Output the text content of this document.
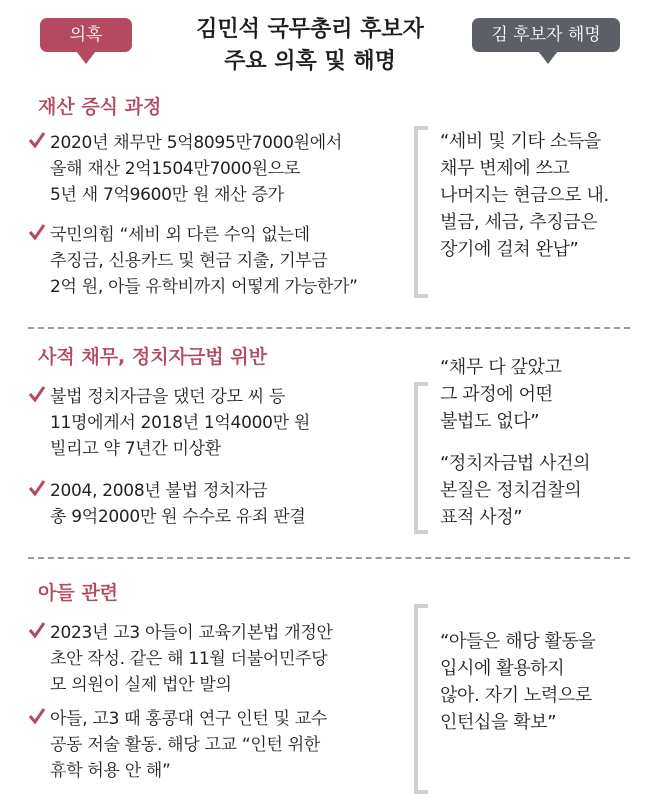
의혹	김민석 국무총리 후보자
주요 의혹 및 해명
김 후보자 해명
재산 증식 과정
2020년 채무만 5억8095만7000원에서
올해 재산 2억1504만7000원으로
5년 새 7억9600만 원 재산 증가
국민의힘 “세비 외 다른 수익 없는데
추징금, 신용카드 및 현금 지출, 기부금
2억 원, 아들 유학비까지 어떻게 가능한가”
“세비 및 기타 소득을
채무 변제에 쓰고
나머지는 현금으로 내.
벌금, 세금, 추징금은
장기에 걸쳐 완납”
사적 채무, 정치자금법 위반
불법 정치자금을 댔던 강모 씨 등
11명에게서 2018년 1억4000만 원
빌리고 약 7년간 미상환
2004, 2008년 불법 정치자금
총 9억2000만 원 수수로 유죄 판결
“채무 다 갚았고
그 과정에 어떤
불법도 없다”
“정치자금법 사건의
본질은 정치검찰의
표적 사정”
아들 관련
2023년 고3 아들이 교육기본법 개정안
초안 작성. 같은 해 11월 더불어민주당
모 의원이 실제 법안 발의
아들, 고3 때 홍콩대 연구 인턴 및 교수
공동 저술 활동. 해당 고교 “인턴 위한
휴학 허용 안 해”
“아들은 해당 활동을
입시에 활용하지
않아. 자기 노력으로
인턴십을 확보”
